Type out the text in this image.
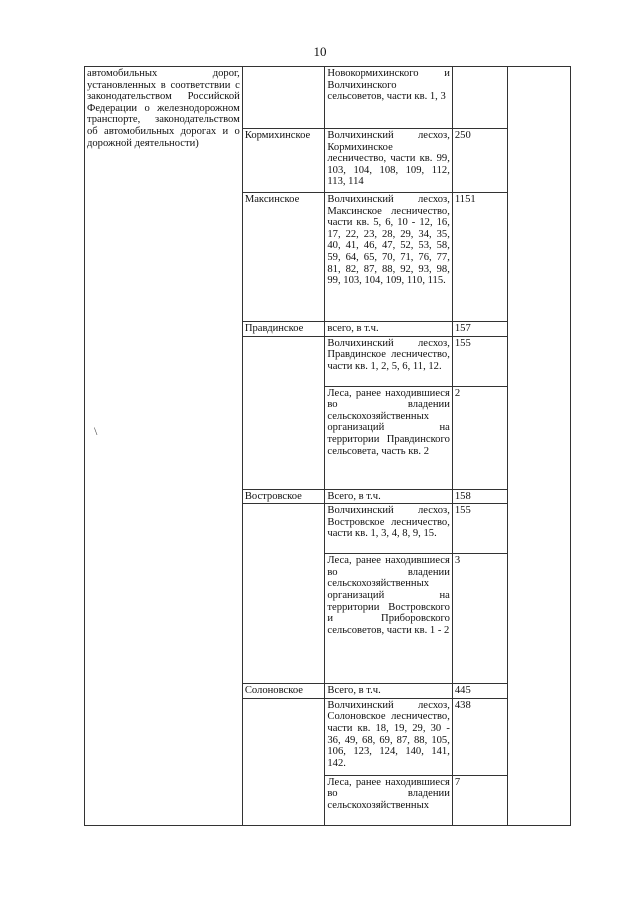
10
автомобильных дорог, установленных в соответствии с законодательством Российской Федерации о железнодорожном транспорте, законодательством об автомобильных дорогах и о дорожной деятельности)		Новокормихинского и Волчихинского сельсоветов, части кв. 1, 3		
	Кормихинское	Волчихинский лесхоз, Кормихинское лесничество, части кв. 99, 103, 104, 108, 109, 112, 113, 114	250	
	Максинское	Волчихинский лесхоз, Максинское лесничество, части кв. 5, 6, 10 - 12, 16, 17, 22, 23, 28, 29, 34, 35, 40, 41, 46, 47, 52, 53, 58, 59, 64, 65, 70, 71, 76, 77, 81, 82, 87, 88, 92, 93, 98, 99, 103, 104, 109, 110, 115.	1151	
	Правдинское	всего, в т.ч.	157	
		Волчихинский лесхоз, Правдинское лесничество, части кв. 1, 2, 5, 6, 11, 12.	155	
		Леса, ранее находившиеся во владении сельскохозяйственных организаций на территории Правдинского сельсовета, часть кв. 2	2	
	Востровское	Всего, в т.ч.	158	
		Волчихинский лесхоз, Востровское лесничество, части кв. 1, 3, 4, 8, 9, 15.	155	
		Леса, ранее находившиеся во владении сельскохозяйственных организаций на территории Востровского и Приборовского сельсоветов, части кв. 1 - 2	3	
	Солоновское	Всего, в т.ч.	445	
		Волчихинский лесхоз, Солоновское лесничество, части кв. 18, 19, 29, 30 - 36, 49, 68, 69, 87, 88, 105, 106, 123, 124, 140, 141, 142.	438	
		Леса, ранее находившиеся во владении сельскохозяйственных	7	
\
